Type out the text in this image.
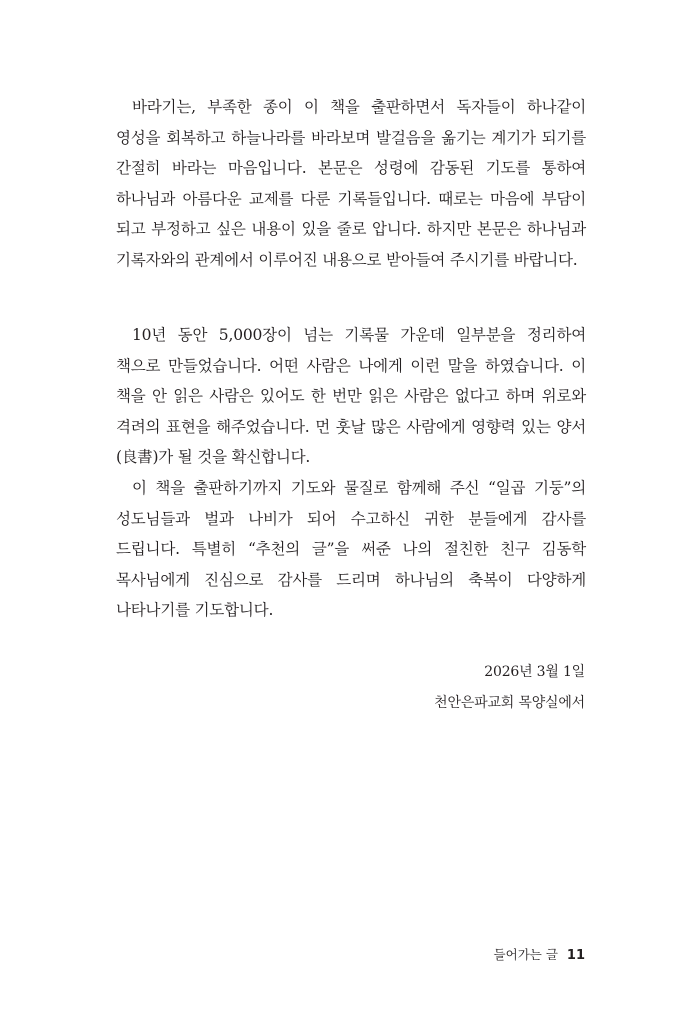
바라기는, 부족한 종이 이 책을 출판하면서 독자들이 하나같이 영성을 회복하고 하늘나라를 바라보며 발걸음을 옮기는 계기가 되기를 간절히 바라는 마음입니다. 본문은 성령에 감동된 기도를 통하여 하나님과 아름다운 교제를 다룬 기록들입니다. 때로는 마음에 부담이 되고 부정하고 싶은 내용이 있을 줄로 압니다. 하지만 본문은 하나님과 기록자와의 관계에서 이루어진 내용으로 받아들여 주시기를 바랍니다.

10년 동안 5,000장이 넘는 기록물 가운데 일부분을 정리하여 책으로 만들었습니다. 어떤 사람은 나에게 이런 말을 하였습니다. 이 책을 안 읽은 사람은 있어도 한 번만 읽은 사람은 없다고 하며 위로와 격려의 표현을 해주었습니다. 먼 훗날 많은 사람에게 영향력 있는 양서(良書)가 될 것을 확신합니다.

이 책을 출판하기까지 기도와 물질로 함께해 주신 “일곱 기둥”의 성도님들과 벌과 나비가 되어 수고하신 귀한 분들에게 감사를 드립니다. 특별히 “추천의 글”을 써준 나의 절친한 친구 김동학 목사님에게 진심으로 감사를 드리며 하나님의 축복이 다양하게 나타나기를 기도합니다.

2026년 3월 1일
천안은파교회 목양실에서
들어가는 글 11
